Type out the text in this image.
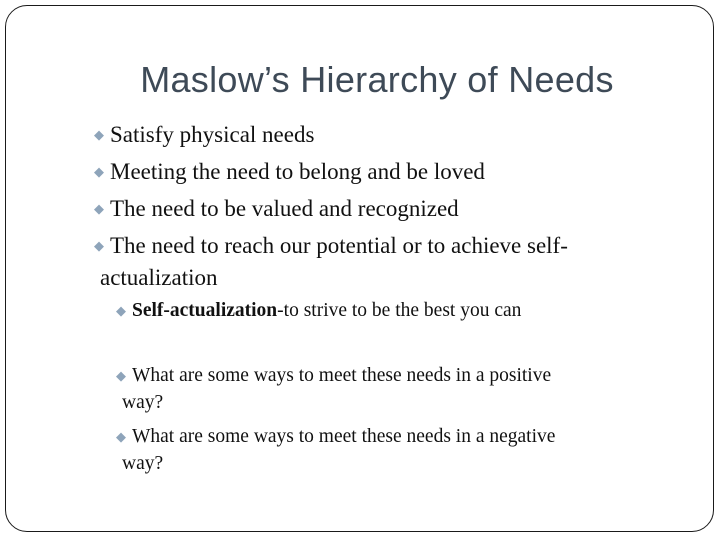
Maslow’s Hierarchy of Needs
◆ Satisfy physical needs
◆ Meeting the need to belong and be loved
◆ The need to be valued and recognized
◆ The need to reach our potential or to achieve self-
actualization
◆ Self-actualization-to strive to be the best you can
◆ What are some ways to meet these needs in a positive
way?
◆ What are some ways to meet these needs in a negative
way?
